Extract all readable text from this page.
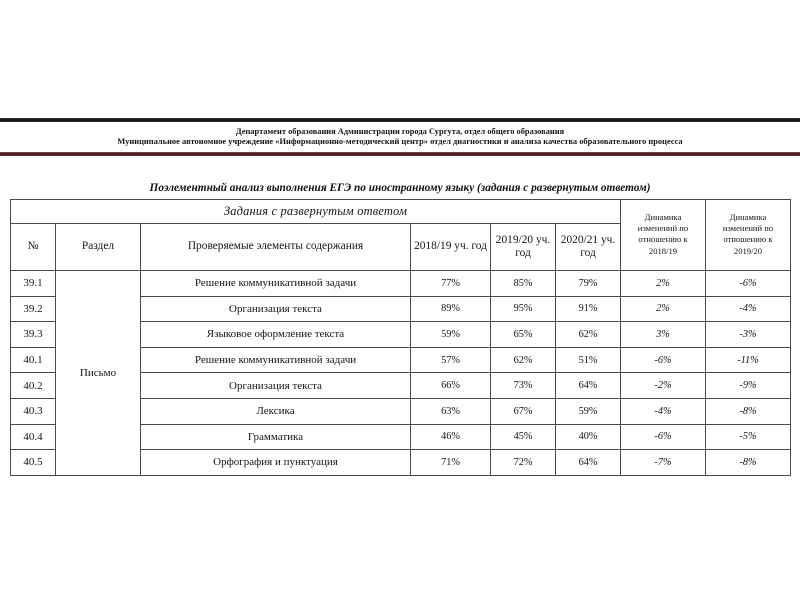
Департамент образования Администрации города Сургута, отдел общего образования
Муниципальное автономное учреждение «Информационно-методический центр» отдел диагностики и анализа качества образовательного процесса
Поэлементный анализ выполнения ЕГЭ по иностранному языку (задания с развернутым ответом)
Задания с развернутым ответом						Динамика изменений по отношению к 2018/19	Динамика изменений по отношению к 2019/20

№	Раздел	Проверяемые элементы содержания	2018/19 уч. год	2019/20 уч. год	2020/21 уч. год		
39.1	Письмо	Решение коммуникативной задачи	77%	85%	79%	2%	-6%
39.2		Организация текста	89%	95%	91%	2%	-4%
39.3		Языковое оформление текста	59%	65%	62%	3%	-3%
40.1		Решение коммуникативной задачи	57%	62%	51%	-6%	-11%
40.2		Организация текста	66%	73%	64%	-2%	-9%
40.3		Лексика	63%	67%	59%	-4%	-8%
40.4		Грамматика	46%	45%	40%	-6%	-5%
40.5		Орфография и пунктуация	71%	72%	64%	-7%	-8%
